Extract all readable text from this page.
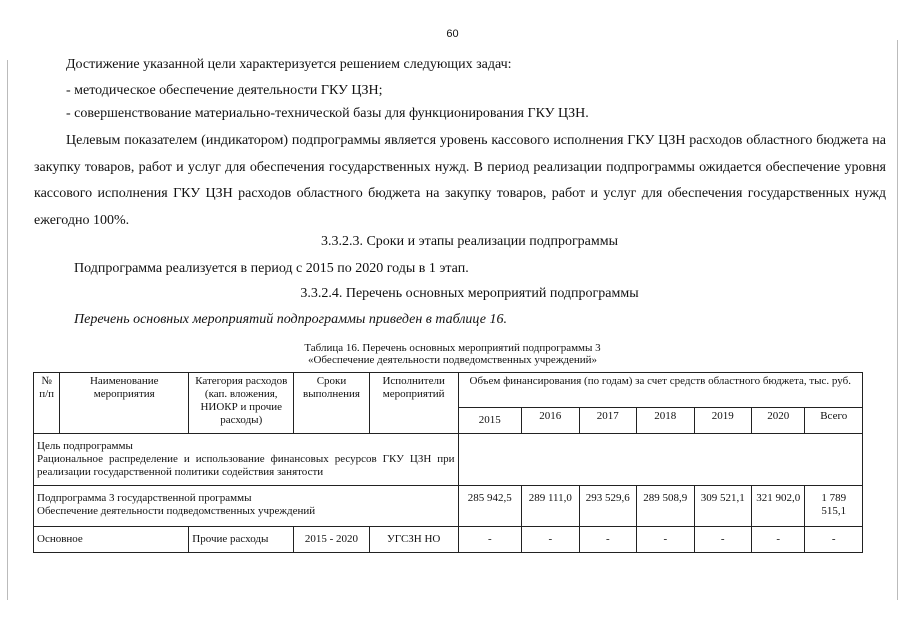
60
Достижение указанной цели характеризуется решением следующих задач:
- методическое обеспечение деятельности ГКУ ЦЗН;
- совершенствование материально-технической базы для функционирования ГКУ ЦЗН.
Целевым показателем (индикатором) подпрограммы является уровень кассового исполнения ГКУ ЦЗН расходов областного бюджета на закупку товаров, работ и услуг для обеспечения государственных нужд. В период реализации подпрограммы ожидается обеспечение уровня кассового исполнения ГКУ ЦЗН расходов областного бюджета на закупку товаров, работ и услуг для обеспечения государственных нужд ежегодно 100%.
3.3.2.3. Сроки и этапы реализации подпрограммы
Подпрограмма реализуется в период с 2015 по 2020 годы в 1 этап.
3.3.2.4. Перечень основных мероприятий подпрограммы
Перечень основных мероприятий подпрограммы приведен в таблице 16.
Таблица 16. Перечень основных мероприятий подпрограммы 3
«Обеспечение деятельности подведомственных учреждений»
№ п/п	Наименование мероприятия	Категория расходов (кап. вложения, НИОКР и прочие расходы)	Сроки выполнения	Исполнители мероприятий	Объем финансирования (по годам) за счет средств областного бюджета, тыс. руб.						
					2015	2016	2017	2018	2019	2020	Всего

Цель подпрограммы
Рациональное распределение и использование финансовых ресурсов ГКУ ЦЗН при реализации государственной политики содействия занятости											

Подпрограмма 3 государственной программы
Обеспечение деятельности подведомственных учреждений					285 942,5	289 111,0	293 529,6	289 508,9	309 521,1	321 902,0	1 789 515,1
Основное		Прочие расходы	2015 - 2020	УГСЗН НО	-	-	-	-	-	-	-
